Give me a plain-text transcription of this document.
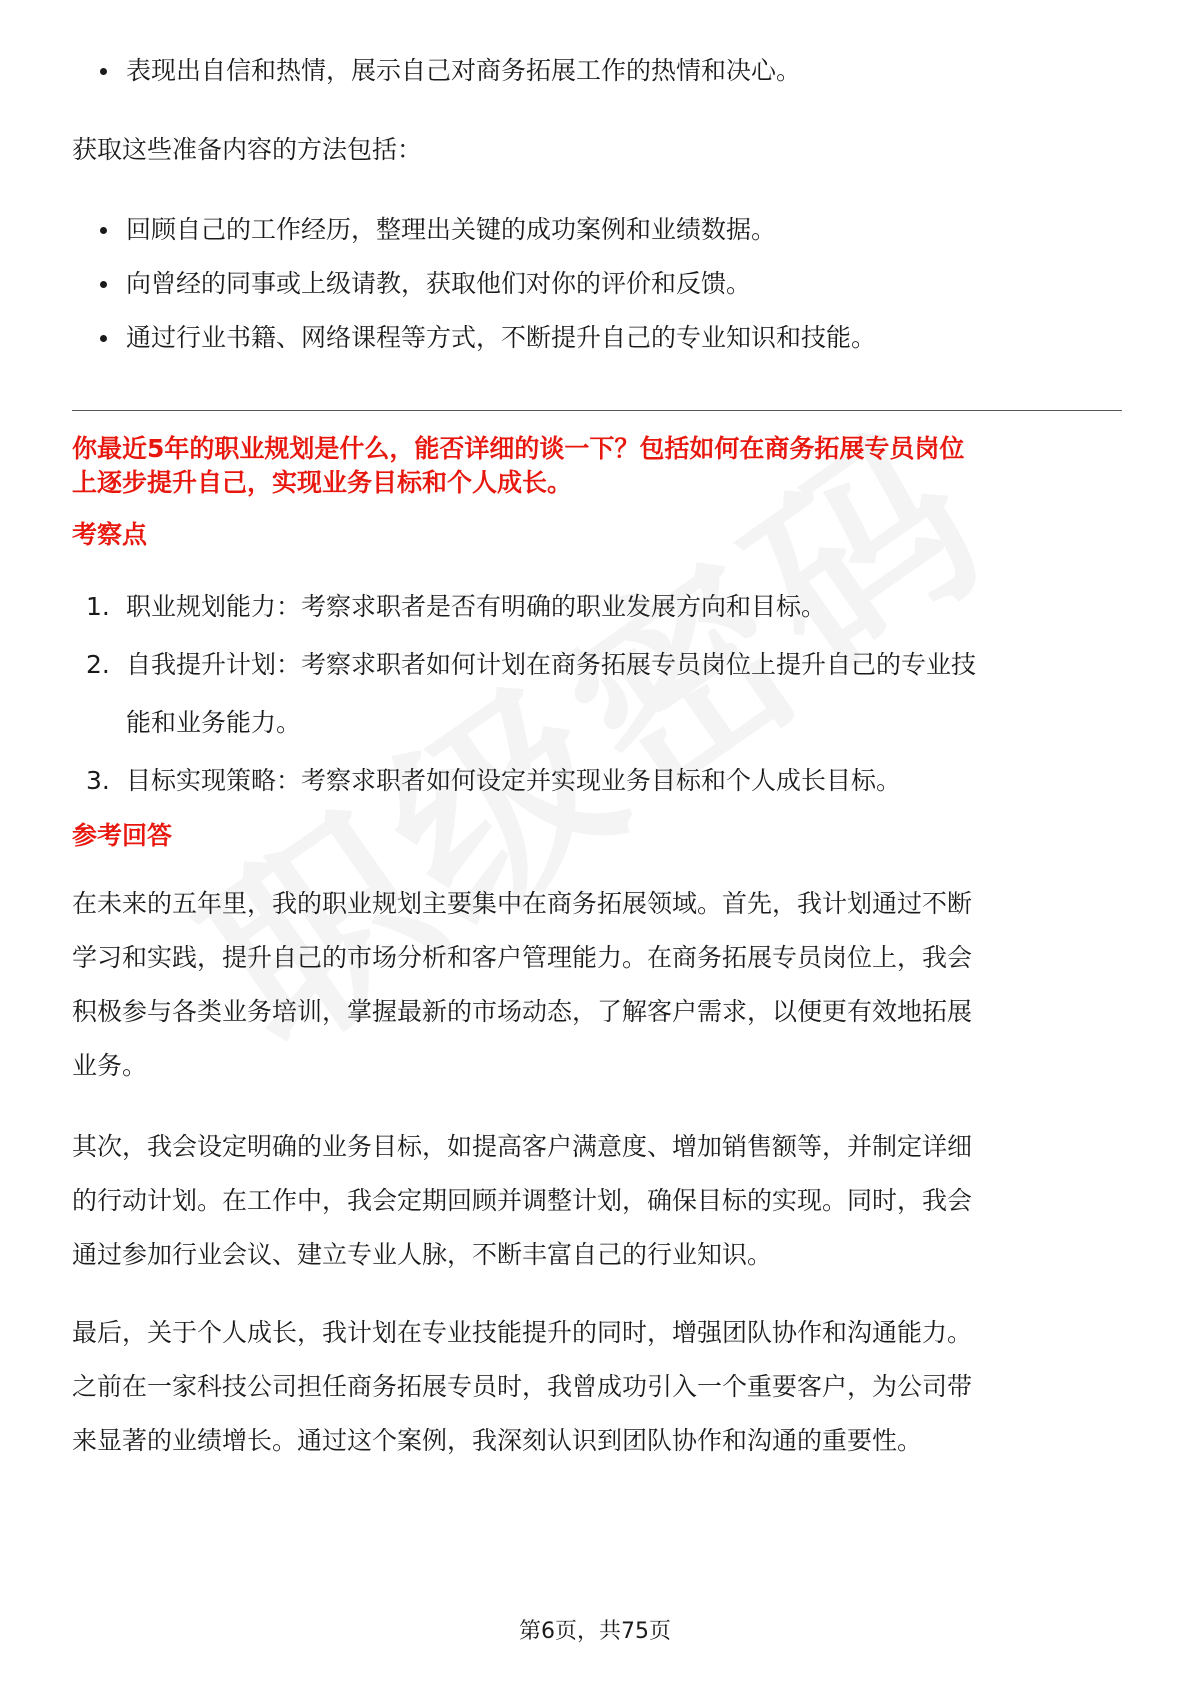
表现出自信和热情，展示自己对商务拓展工作的热情和决心。

获取这些准备内容的方法包括：

回顾自己的工作经历，整理出关键的成功案例和业绩数据。
向曾经的同事或上级请教，获取他们对你的评价和反馈。
通过行业书籍、网络课程等方式，不断提升自己的专业知识和技能。
你最近5年的职业规划是什么，能否详细的谈一下？包括如何在商务拓展专员岗位
上逐步提升自己，实现业务目标和个人成长。
考察点
1. 职业规划能力：考察求职者是否有明确的职业发展方向和目标。
2. 自我提升计划：考察求职者如何计划在商务拓展专员岗位上提升自己的专业技
能和业务能力。
3. 目标实现策略：考察求职者如何设定并实现业务目标和个人成长目标。
参考回答
在未来的五年里，我的职业规划主要集中在商务拓展领域。首先，我计划通过不断
学习和实践，提升自己的市场分析和客户管理能力。在商务拓展专员岗位上，我会
积极参与各类业务培训，掌握最新的市场动态，了解客户需求，以便更有效地拓展
业务。
其次，我会设定明确的业务目标，如提高客户满意度、增加销售额等，并制定详细
的行动计划。在工作中，我会定期回顾并调整计划，确保目标的实现。同时，我会
通过参加行业会议、建立专业人脉，不断丰富自己的行业知识。
最后，关于个人成长，我计划在专业技能提升的同时，增强团队协作和沟通能力。
之前在一家科技公司担任商务拓展专员时，我曾成功引入一个重要客户，为公司带
来显著的业绩增长。通过这个案例，我深刻认识到团队协作和沟通的重要性。
第6页，共75页
